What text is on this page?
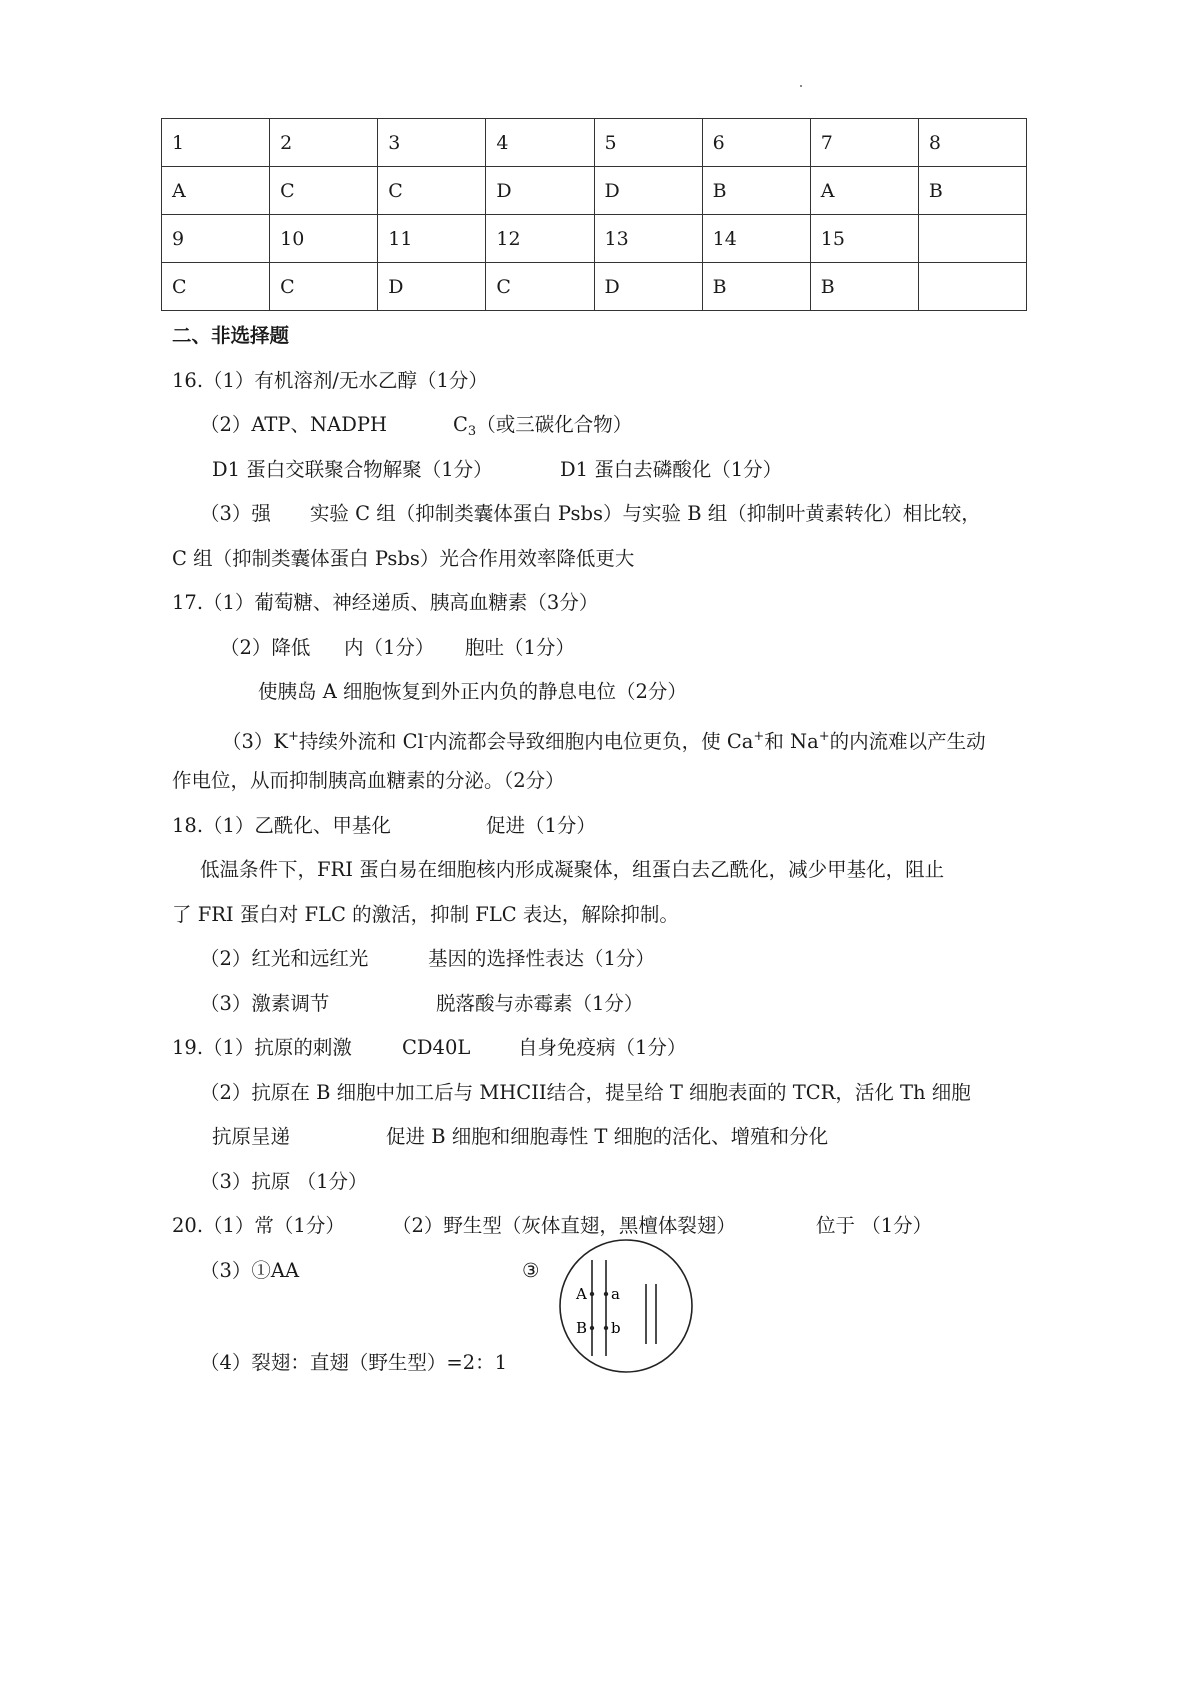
1	2	3	4	5	6	7	8
A	C	C	D	D	B	A	B
9	10	11	12	13	14	15	
C	C	D	C	D	B	B	
二、非选择题
16.（1）有机溶剂/无水乙醇（1分）
（2）ATP、NADPH	$C_3$（或三碳化合物）
D1 蛋白交联聚合物解聚（1分）	D1 蛋白去磷酸化（1分）
（3）强　　实验 C 组（抑制类囊体蛋白 Psbs）与实验 B 组（抑制叶黄素转化）相比较，
C 组（抑制类囊体蛋白 Psbs）光合作用效率降低更大
17.（1）葡萄糖、神经递质、胰高血糖素（3分）
（2）降低 内（1分） 胞吐（1分）
使胰岛 A 细胞恢复到外正内负的静息电位（2分）
（3）K+持续外流和 Cl-内流都会导致细胞内电位更负，使 Ca+和 Na+的内流难以产生动
作电位，从而抑制胰高血糖素的分泌。（2分）
18.（1）乙酰化、甲基化	促进（1分）
低温条件下，FRI 蛋白易在细胞核内形成凝聚体，组蛋白去乙酰化，减少甲基化，阻止
了 FRI 蛋白对 FLC 的激活，抑制 FLC 表达，解除抑制。
（2）红光和远红光	基因的选择性表达（1分）
（3）激素调节	脱落酸与赤霉素（1分）
19.（1）抗原的刺激	CD40L 自身免疫病（1分）
（2）抗原在 B 细胞中加工后与 MHCII结合，提呈给 T 细胞表面的 TCR，活化 Th 细胞
抗原呈递	促进 B 细胞和细胞毒性 T 细胞的活化、增殖和分化
（3）抗原 （1分）
20.（1）常（1分） （2）野生型（灰体直翅，黑檀体裂翅）	位于 （1分）
（3）①AA	③
（4）裂翅：直翅（野生型）=2：1
A a
B b
